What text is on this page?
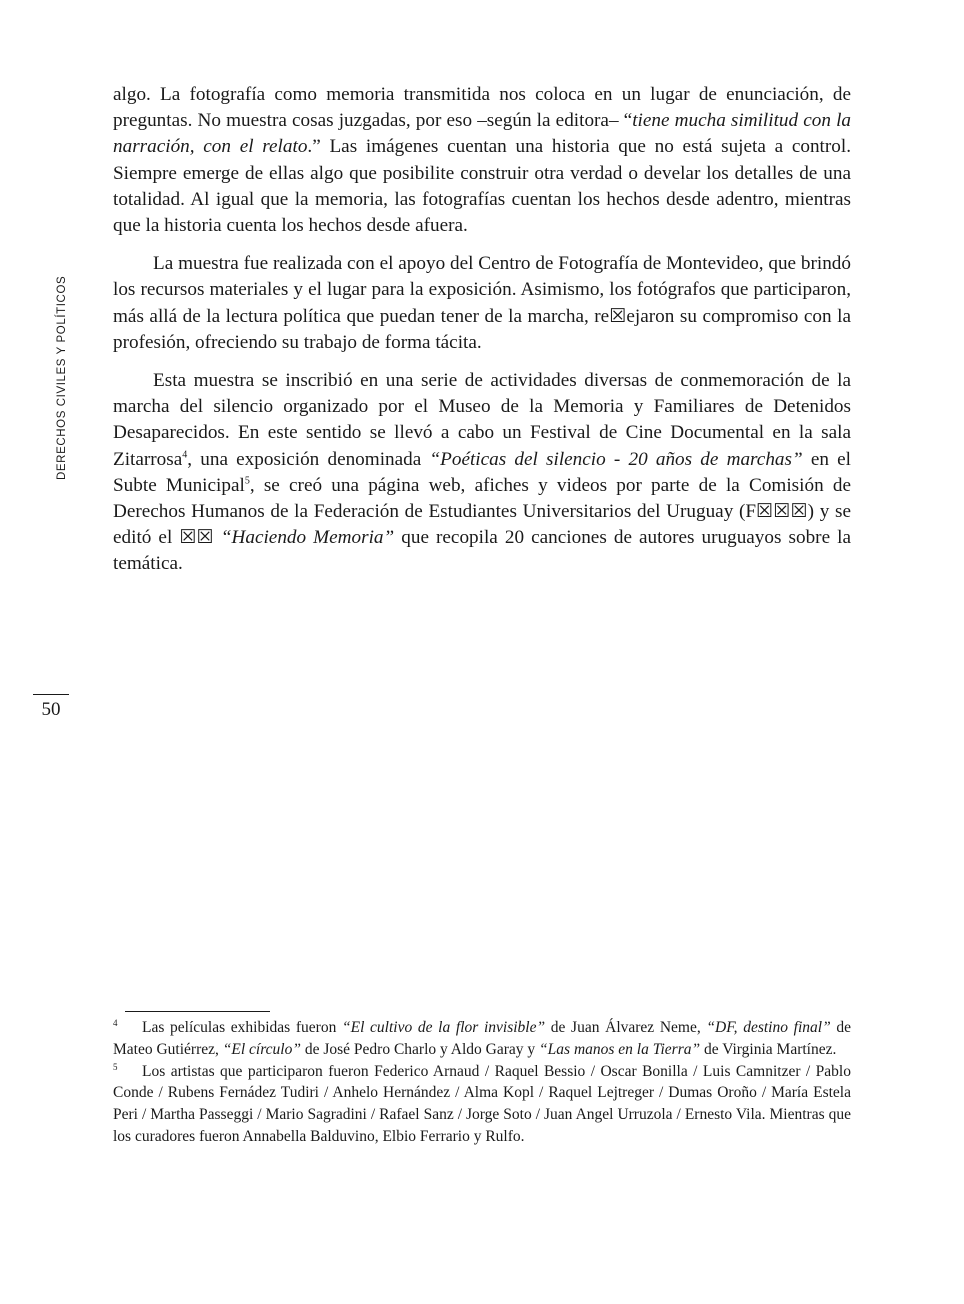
DERECHOS CIVILES Y POLÍTICOS
50

algo. La fotografía como memoria transmitida nos coloca en un lugar de enunciación, de preguntas. No muestra cosas juzgadas, por eso –según la editora– “tiene mucha similitud con la narración, con el relato.” Las imágenes cuentan una historia que no está sujeta a control. Siempre emerge de ellas algo que posibilite construir otra verdad o develar los detalles de una totalidad. Al igual que la memoria, las fotografías cuentan los hechos desde adentro, mientras que la historia cuenta los hechos desde afuera.

La muestra fue realizada con el apoyo del Centro de Fotografía de Montevideo, que brindó los recursos materiales y el lugar para la exposición. Asimismo, los fotógrafos que participaron, más allá de la lectura política que puedan tener de la marcha, re☒ejaron su compromiso con la profesión, ofreciendo su trabajo de forma tácita.

Esta muestra se inscribió en una serie de actividades diversas de conmemoración de la marcha del silencio organizado por el Museo de la Memoria y Familiares de Detenidos Desaparecidos. En este sentido se llevó a cabo un Festival de Cine Documental en la sala Zitarrosa$^4$, una exposición denominada “Poéticas del silencio - 20 años de marchas” en el Subte Municipal$^5$, se creó una página web, afiches y videos por parte de la Comisión de Derechos Humanos de la Federación de Estudiantes Universitarios del Uruguay (F☒☒☒) y se editó el ☒☒ “Haciendo Memoria” que recopila 20 canciones de autores uruguayos sobre la temática.

4 Las películas exhibidas fueron “El cultivo de la flor invisible” de Juan Álvarez Neme, “DF, destino final” de Mateo Gutiérrez, “El círculo” de José Pedro Charlo y Aldo Garay y “Las manos en la Tierra” de Virginia Martínez.

5 Los artistas que participaron fueron Federico Arnaud / Raquel Bessio / Oscar Bonilla / Luis Camnitzer / Pablo Conde / Rubens Fernádez Tudiri / Anhelo Hernández / Alma Kopl / Raquel Lejtreger / Dumas Oroño / María Estela Peri / Martha Passeggi / Mario Sagradini / Rafael Sanz / Jorge Soto / Juan Angel Urruzola / Ernesto Vila. Mientras que los curadores fueron Annabella Balduvino, Elbio Ferrario y Rulfo.
